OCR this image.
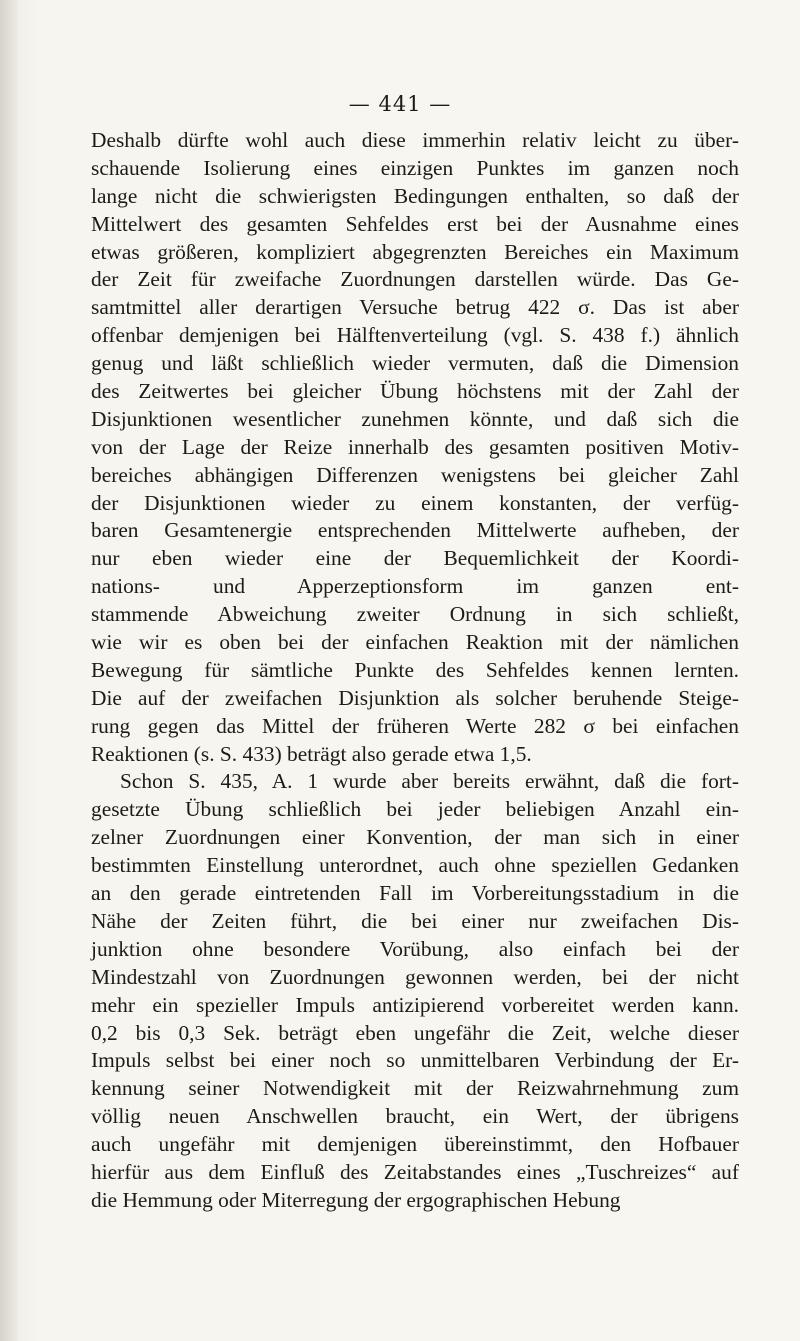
— 441 —
Deshalb dürfte wohl auch diese immerhin relativ leicht zu über-
schauende Isolierung eines einzigen Punktes im ganzen noch
lange nicht die schwierigsten Bedingungen enthalten, so daß der
Mittelwert des gesamten Sehfeldes erst bei der Ausnahme eines
etwas größeren, kompliziert abgegrenzten Bereiches ein Maximum
der Zeit für zweifache Zuordnungen darstellen würde. Das Ge-
samtmittel aller derartigen Versuche betrug 422 σ. Das ist aber
offenbar demjenigen bei Hälftenverteilung (vgl. S. 438 f.) ähnlich
genug und läßt schließlich wieder vermuten, daß die Dimension
des Zeitwertes bei gleicher Übung höchstens mit der Zahl der
Disjunktionen wesentlicher zunehmen könnte, und daß sich die
von der Lage der Reize innerhalb des gesamten positiven Motiv-
bereiches abhängigen Differenzen wenigstens bei gleicher Zahl
der Disjunktionen wieder zu einem konstanten, der verfüg-
baren Gesamtenergie entsprechenden Mittelwerte aufheben, der
nur eben wieder eine der Bequemlichkeit der Koordi-
nations- und Apperzeptionsform im ganzen ent-
stammende Abweichung zweiter Ordnung in sich schließt,
wie wir es oben bei der einfachen Reaktion mit der nämlichen
Bewegung für sämtliche Punkte des Sehfeldes kennen lernten.
Die auf der zweifachen Disjunktion als solcher beruhende Steige-
rung gegen das Mittel der früheren Werte 282 σ bei einfachen
Reaktionen (s. S. 433) beträgt also gerade etwa 1,5.
Schon S. 435, A. 1 wurde aber bereits erwähnt, daß die fort-
gesetzte Übung schließlich bei jeder beliebigen Anzahl ein-
zelner Zuordnungen einer Konvention, der man sich in einer
bestimmten Einstellung unterordnet, auch ohne speziellen Gedanken
an den gerade eintretenden Fall im Vorbereitungsstadium in die
Nähe der Zeiten führt, die bei einer nur zweifachen Dis-
junktion ohne besondere Vorübung, also einfach bei der
Mindestzahl von Zuordnungen gewonnen werden, bei der nicht
mehr ein spezieller Impuls antizipierend vorbereitet werden kann.
0,2 bis 0,3 Sek. beträgt eben ungefähr die Zeit, welche dieser
Impuls selbst bei einer noch so unmittelbaren Verbindung der Er-
kennung seiner Notwendigkeit mit der Reizwahrnehmung zum
völlig neuen Anschwellen braucht, ein Wert, der übrigens
auch ungefähr mit demjenigen übereinstimmt, den Hofbauer
hierfür aus dem Einfluß des Zeitabstandes eines „Tuschreizes“ auf
die Hemmung oder Miterregung der ergographischen Hebung
